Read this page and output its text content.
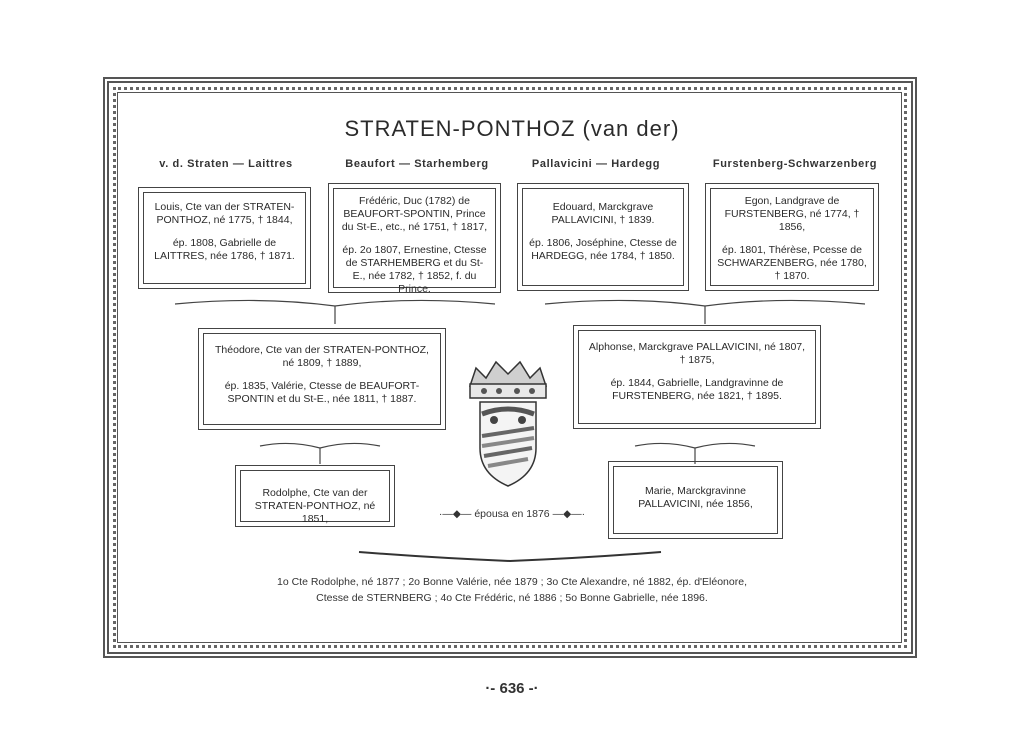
STRATEN-PONTHOZ (van der)
v. d. Straten — Laittres	Beaufort — Starhemberg	Pallavicini — Hardegg	Furstenberg-Schwarzenberg

Louis, Cte van der STRATEN-PONTHOZ, né 1775, † 1844,

ép. 1808, Gabrielle de LAITTRES, née 1786, † 1871.

Frédéric, Duc (1782) de BEAUFORT-SPONTIN, Prince du St-E., etc., né 1751, † 1817,

ép. 2o 1807, Ernestine, Ctesse de STARHEMBERG et du St-E., née 1782, † 1852, f. du Prince.

Edouard, Marckgrave PALLAVICINI, † 1839.

ép. 1806, Joséphine, Ctesse de HARDEGG, née 1784, † 1850.

Egon, Landgrave de FURSTENBERG, né 1774, † 1856,

ép. 1801, Thérèse, Pcesse de SCHWARZENBERG, née 1780, † 1870.

Théodore, Cte van der STRATEN-PONTHOZ, né 1809, † 1889,

ép. 1835, Valérie, Ctesse de BEAUFORT-SPONTIN et du St-E., née 1811, † 1887.

Alphonse, Marckgrave PALLAVICINI, né 1807, † 1875,

ép. 1844, Gabrielle, Landgravinne de FURSTENBERG, née 1821, † 1895.

Rodolphe, Cte van der STRATEN-PONTHOZ, né 1851,	·—◆— épousa en 1876 —◆—·

Marie, Marckgravinne PALLAVICINI, née 1856,

1o Cte Rodolphe, né 1877 ; 2o Bonne Valérie, née 1879 ; 3o Cte Alexandre, né 1882, ép. d'Eléonore,
Ctesse de STERNBERG ; 4o Cte Frédéric, né 1886 ; 5o Bonne Gabrielle, née 1896.
·- 636 -·
